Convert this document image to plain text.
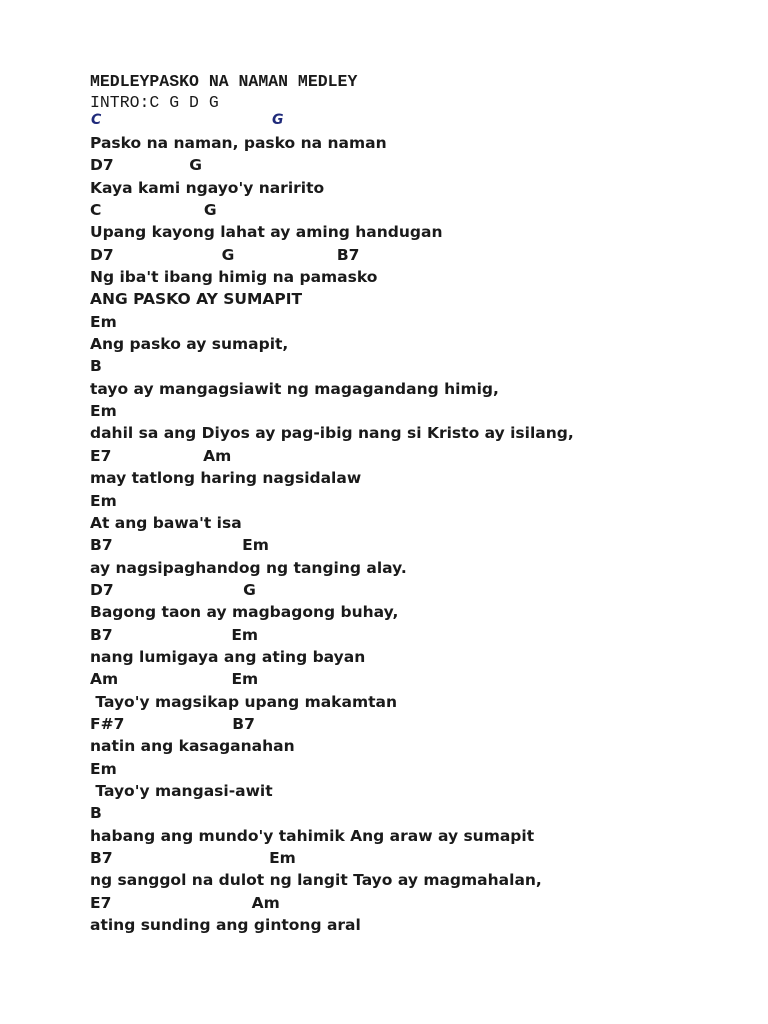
MEDLEYPASKO NA NAMAN MEDLEY
INTRO:C G D G
C	G
Pasko na naman, pasko na naman
D7              G
Kaya kami ngayo'y naririto
C                   G
Upang kayong lahat ay aming handugan
D7                    G                   B7
Ng iba't ibang himig na pamasko
ANG PASKO AY SUMAPIT
Em
Ang pasko ay sumapit,
B
tayo ay mangagsiawit ng magagandang himig,
Em
dahil sa ang Diyos ay pag-ibig nang si Kristo ay isilang,
E7                 Am
may tatlong haring nagsidalaw
Em
At ang bawa't isa
B7                        Em
ay nagsipaghandog ng tanging alay.
D7                        G
Bagong taon ay magbagong buhay,
B7                      Em
nang lumigaya ang ating bayan
Am                     Em
Tayo'y magsikap upang makamtan
F#7                    B7
natin ang kasaganahan
Em
Tayo'y mangasi-awit
B
habang ang mundo'y tahimik Ang araw ay sumapit
B7                             Em
ng sanggol na dulot ng langit Tayo ay magmahalan,
E7                          Am
ating sunding ang gintong aral
